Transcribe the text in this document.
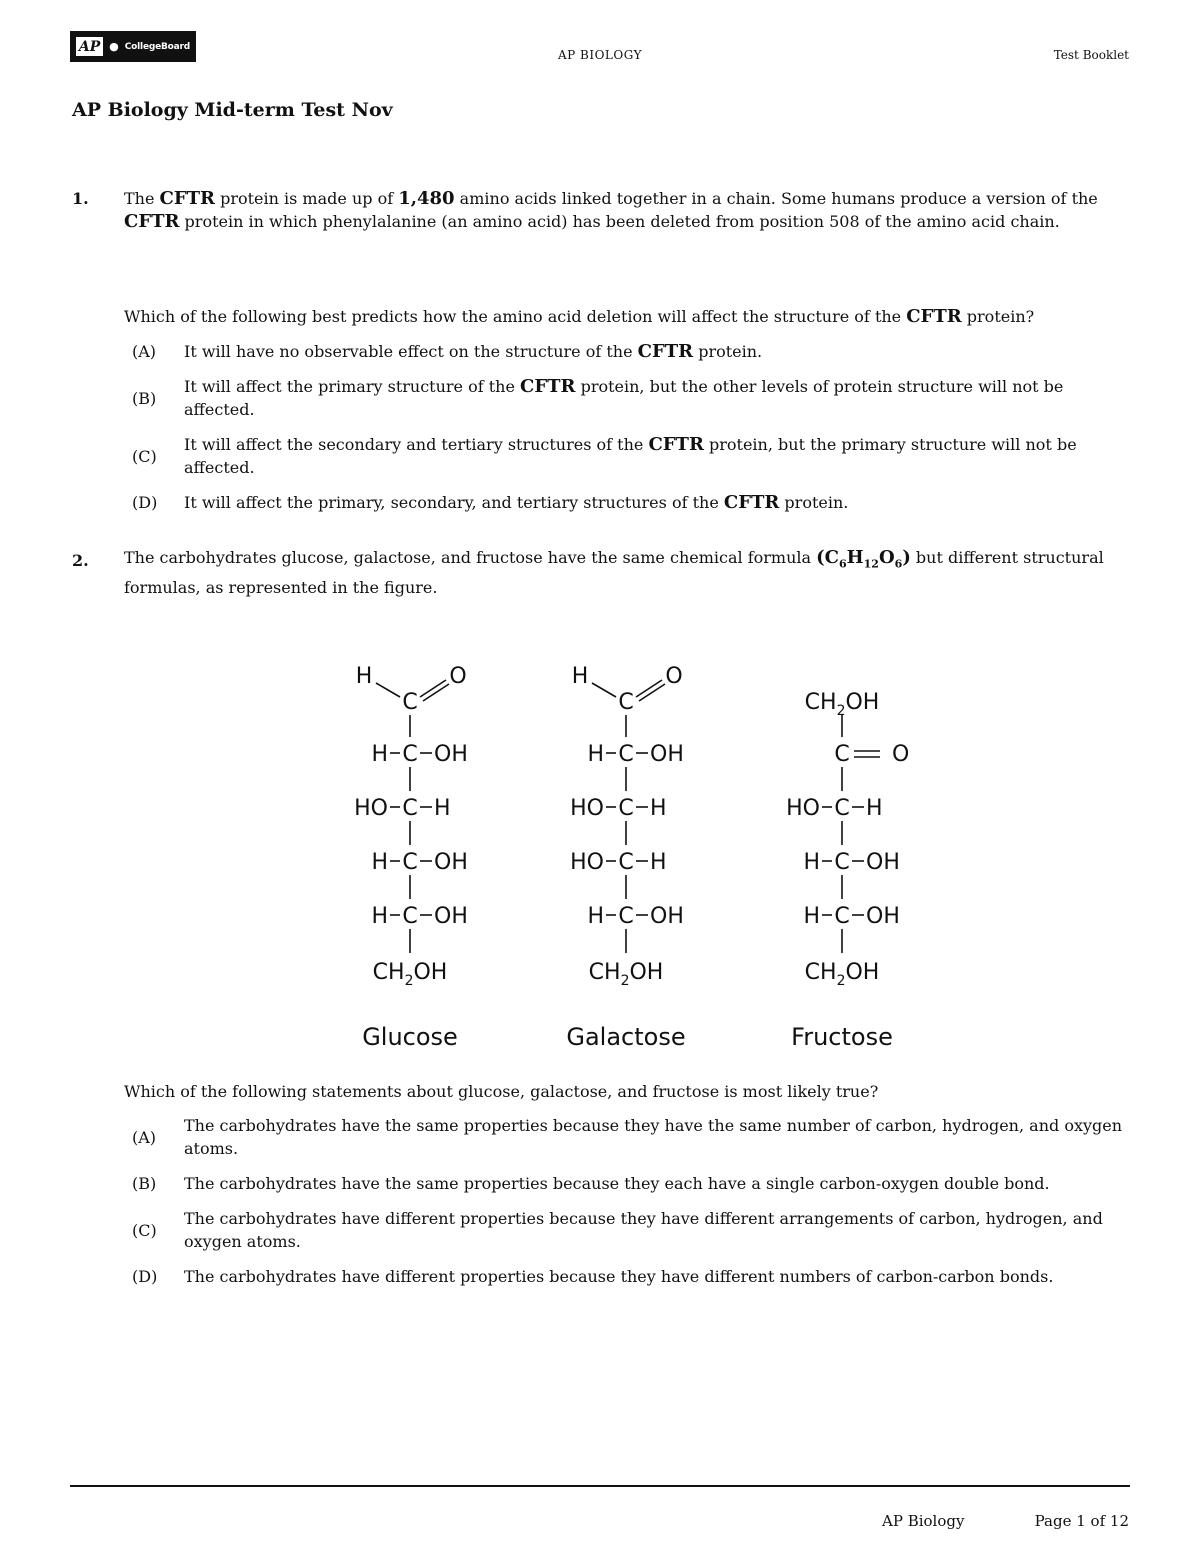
AP ● CollegeBoard
AP BIOLOGY	Test Booklet
AP Biology Mid-term Test Nov
1. The CFTR protein is made up of 1,480 amino acids linked together in a chain. Some humans produce a version of the CFTR protein in which phenylalanine (an amino acid) has been deleted from position 508 of the amino acid chain.

Which of the following best predicts how the amino acid deletion will affect the structure of the CFTR protein?
(A)	It will have no observable effect on the structure of the CFTR protein.
(B)
It will affect the primary structure of the CFTR protein, but the other levels of protein structure will not be affected.
(C)
It will affect the secondary and tertiary structures of the CFTR protein, but the primary structure will not be affected.
(D)	It will affect the primary, secondary, and tertiary structures of the CFTR protein.
2. The carbohydrates glucose, galactose, and fructose have the same chemical formula $(C_6H_{12}O_6)$ but different structural formulas, as represented in the figure.
H
C
O
H C OH
HO C H
H C OH
H C OH
$CH_2OH$
Glucose
H
C
O
H C OH
HO C H
HO C H
H C OH
$CH_2OH$
Galactose
$CH_2OH$
C O
HO C H
H C OH
H C OH
$CH_2OH$
Fructose
Which of the following statements about glucose, galactose, and fructose is most likely true?
(A)
The carbohydrates have the same properties because they have the same number of carbon, hydrogen, and oxygen atoms.
(B)	The carbohydrates have the same properties because they each have a single carbon-oxygen double bond.
(C)
The carbohydrates have different properties because they have different arrangements of carbon, hydrogen, and oxygen atoms.
(D)	The carbohydrates have different properties because they have different numbers of carbon-carbon bonds.
AP Biology	Page 1 of 12
